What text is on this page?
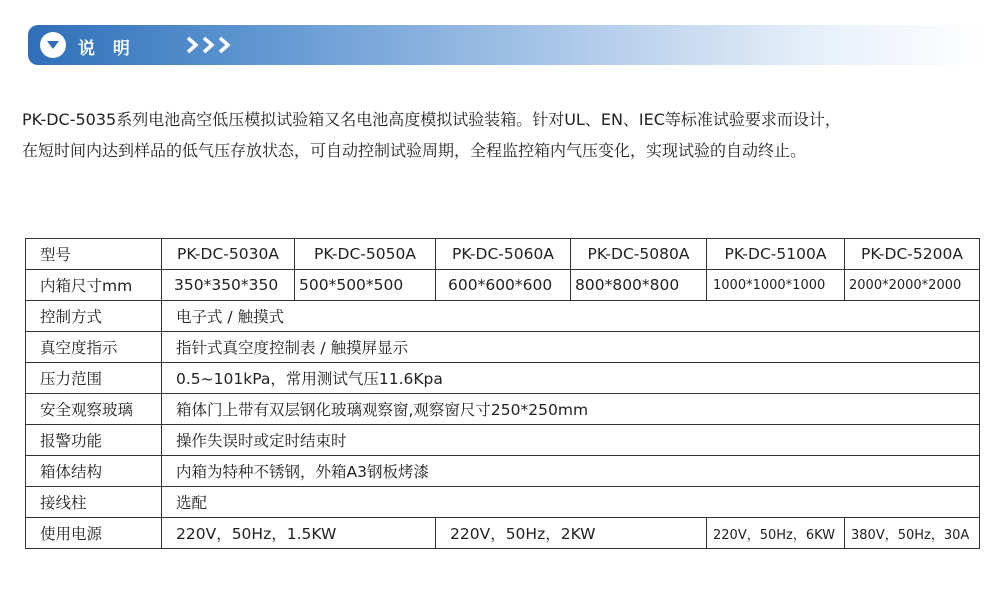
说 明

PK-DC-5035系列电池高空低压模拟试验箱又名电池高度模拟试验装箱。针对UL、EN、IEC等标准试验要求而设计，

在短时间内达到样品的低气压存放状态，可自动控制试验周期，全程监控箱内气压变化，实现试验的自动终止。

型号	PK-DC-5030A	PK-DC-5050A	PK-DC-5060A	PK-DC-5080A	PK-DC-5100A	PK-DC-5200A
内箱尺寸mm	350*350*350	500*500*500	600*600*600	800*800*800	1000*1000*1000	2000*2000*2000
控制方式	电子式 / 触摸式					
真空度指示	指针式真空度控制表 / 触摸屏显示					
压力范围	0.5~101kPa，常用测试气压11.6Kpa					
安全观察玻璃	箱体门上带有双层钢化玻璃观察窗,观察窗尺寸250*250mm					
报警功能	操作失误时或定时结束时					
箱体结构	内箱为特种不锈钢，外箱A3钢板烤漆					
接线柱	选配					
使用电源	220V，50Hz，1.5KW		220V，50Hz，2KW		220V，50Hz，6KW	380V，50Hz，30A
